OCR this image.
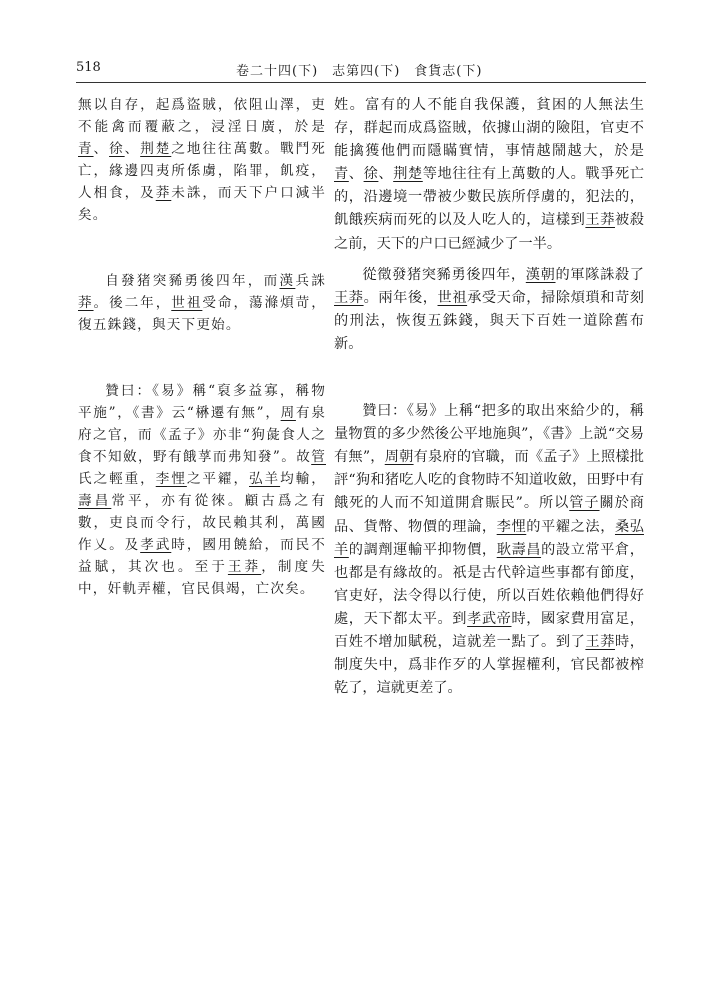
518	卷二十四(下)　志第四(下)　食貨志(下)

無以自存，起爲盜賊，依阻山澤，吏不能禽而覆蔽之，浸淫日廣，於是青、徐、荆楚之地往往萬數。戰鬥死亡，緣邊四夷所係虜，陷罪，飢疫，人相食，及莽未誅，而天下户口減半矣。

自發猪突豨勇後四年，而漢兵誅莽。後二年，世祖受命，蕩滌煩苛，復五銖錢，與天下更始。

贊曰：《易》稱“裒多益寡，稱物平施”，《書》云“楙遷有無”，周有泉府之官，而《孟子》亦非“狗彘食人之食不知斂，野有餓莩而弗知發”。故管氏之輕重，李悝之平糴，弘羊均輸，壽昌常平，亦有從徠。顧古爲之有數，吏良而令行，故民賴其利，萬國作乂。及孝武時，國用饒給，而民不益賦，其次也。至于王莽，制度失中，奸軌弄權，官民俱竭，亡次矣。

姓。富有的人不能自我保護，貧困的人無法生存，群起而成爲盜賊，依據山湖的險阻，官吏不能擒獲他們而隱瞞實情，事情越鬧越大，於是青、徐、荆楚等地往往有上萬數的人。戰爭死亡的，沿邊境一帶被少數民族所俘虜的，犯法的，飢餓疾病而死的以及人吃人的，這樣到王莽被殺之前，天下的户口已經減少了一半。

從徵發猪突豨勇後四年，漢朝的軍隊誅殺了王莽。兩年後，世祖承受天命，掃除煩瑣和苛刻的刑法，恢復五銖錢，與天下百姓一道除舊布新。

贊曰：《易》上稱“把多的取出來給少的，稱量物質的多少然後公平地施與”，《書》上説“交易有無”，周朝有泉府的官職，而《孟子》上照樣批評“狗和猪吃人吃的食物時不知道收斂，田野中有餓死的人而不知道開倉賑民”。所以管子關於商品、貨幣、物價的理論，李悝的平糴之法，桑弘羊的調劑運輸平抑物價，耿壽昌的設立常平倉，也都是有緣故的。祇是古代幹這些事都有節度，官吏好，法令得以行使，所以百姓依賴他們得好處，天下都太平。到孝武帝時，國家費用富足，百姓不增加賦税，這就差一點了。到了王莽時，制度失中，爲非作歹的人掌握權利，官民都被榨乾了，這就更差了。
